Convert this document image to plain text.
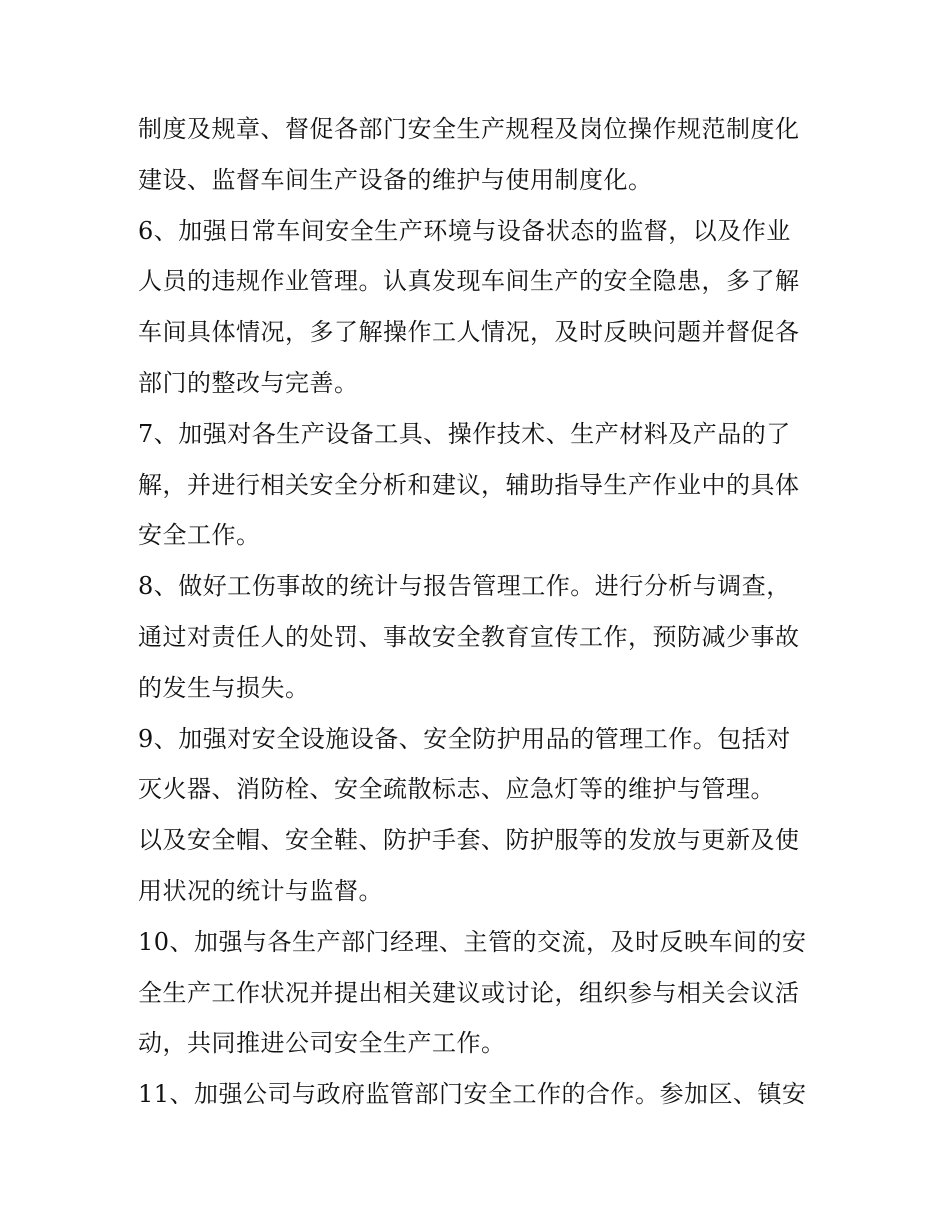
制度及规章、督促各部门安全生产规程及岗位操作规范制度化
建设、监督车间生产设备的维护与使用制度化。
6、加强日常车间安全生产环境与设备状态的监督，以及作业
人员的违规作业管理。认真发现车间生产的安全隐患，多了解
车间具体情况，多了解操作工人情况，及时反映问题并督促各
部门的整改与完善。
7、加强对各生产设备工具、操作技术、生产材料及产品的了
解，并进行相关安全分析和建议，辅助指导生产作业中的具体
安全工作。
8、做好工伤事故的统计与报告管理工作。进行分析与调查，
通过对责任人的处罚、事故安全教育宣传工作，预防减少事故
的发生与损失。
9、加强对安全设施设备、安全防护用品的管理工作。包括对
灭火器、消防栓、安全疏散标志、应急灯等的维护与管理。
以及安全帽、安全鞋、防护手套、防护服等的发放与更新及使
用状况的统计与监督。
10、加强与各生产部门经理、主管的交流，及时反映车间的安
全生产工作状况并提出相关建议或讨论，组织参与相关会议活
动，共同推进公司安全生产工作。
11、加强公司与政府监管部门安全工作的合作。参加区、镇安
